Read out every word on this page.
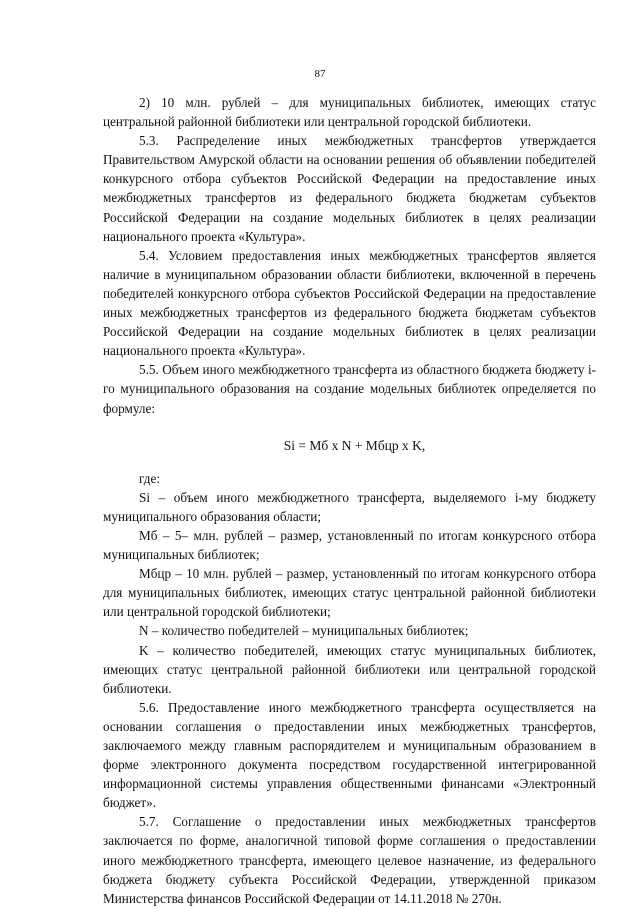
87

2) 10 млн. рублей – для муниципальных библиотек, имеющих статус центральной районной библиотеки или центральной городской библиотеки.

5.3. Распределение иных межбюджетных трансфертов утверждается Правительством Амурской области на основании решения об объявлении победителей конкурсного отбора субъектов Российской Федерации на предоставление иных межбюджетных трансфертов из федерального бюджета бюджетам субъектов Российской Федерации на создание модельных библиотек в целях реализации национального проекта «Культура».

5.4. Условием предоставления иных межбюджетных трансфертов является наличие в муниципальном образовании области библиотеки, включенной в перечень победителей конкурсного отбора субъектов Российской Федерации на предоставление иных межбюджетных трансфертов из федерального бюджета бюджетам субъектов Российской Федерации на создание модельных библиотек в целях реализации национального проекта «Культура».

5.5. Объем иного межбюджетного трансферта из областного бюджета бюджету i-го муниципального образования на создание модельных библиотек определяется по формуле:

Si = Мб x N + Мбцр x K,

где:

Si – объем иного межбюджетного трансферта, выделяемого i-му бюджету муниципального образования области;

Мб – 5– млн. рублей – размер, установленный по итогам конкурсного отбора муниципальных библиотек;

Мбцр – 10 млн. рублей – размер, установленный по итогам конкурсного отбора для муниципальных библиотек, имеющих статус центральной районной библиотеки или центральной городской библиотеки;

N – количество победителей – муниципальных библиотек;

K – количество победителей, имеющих статус муниципальных библиотек, имеющих статус центральной районной библиотеки или центральной городской библиотеки.

5.6. Предоставление иного межбюджетного трансферта осуществляется на основании соглашения о предоставлении иных межбюджетных трансфертов, заключаемого между главным распорядителем и муниципальным образованием в форме электронного документа посредством государственной интегрированной информационной системы управления общественными финансами «Электронный бюджет».

5.7. Соглашение о предоставлении иных межбюджетных трансфертов заключается по форме, аналогичной типовой форме соглашения о предоставлении иного межбюджетного трансферта, имеющего целевое назначение, из федерального бюджета бюджету субъекта Российской Федерации, утвержденной приказом Министерства финансов Российской Федерации от 14.11.2018 № 270н.
